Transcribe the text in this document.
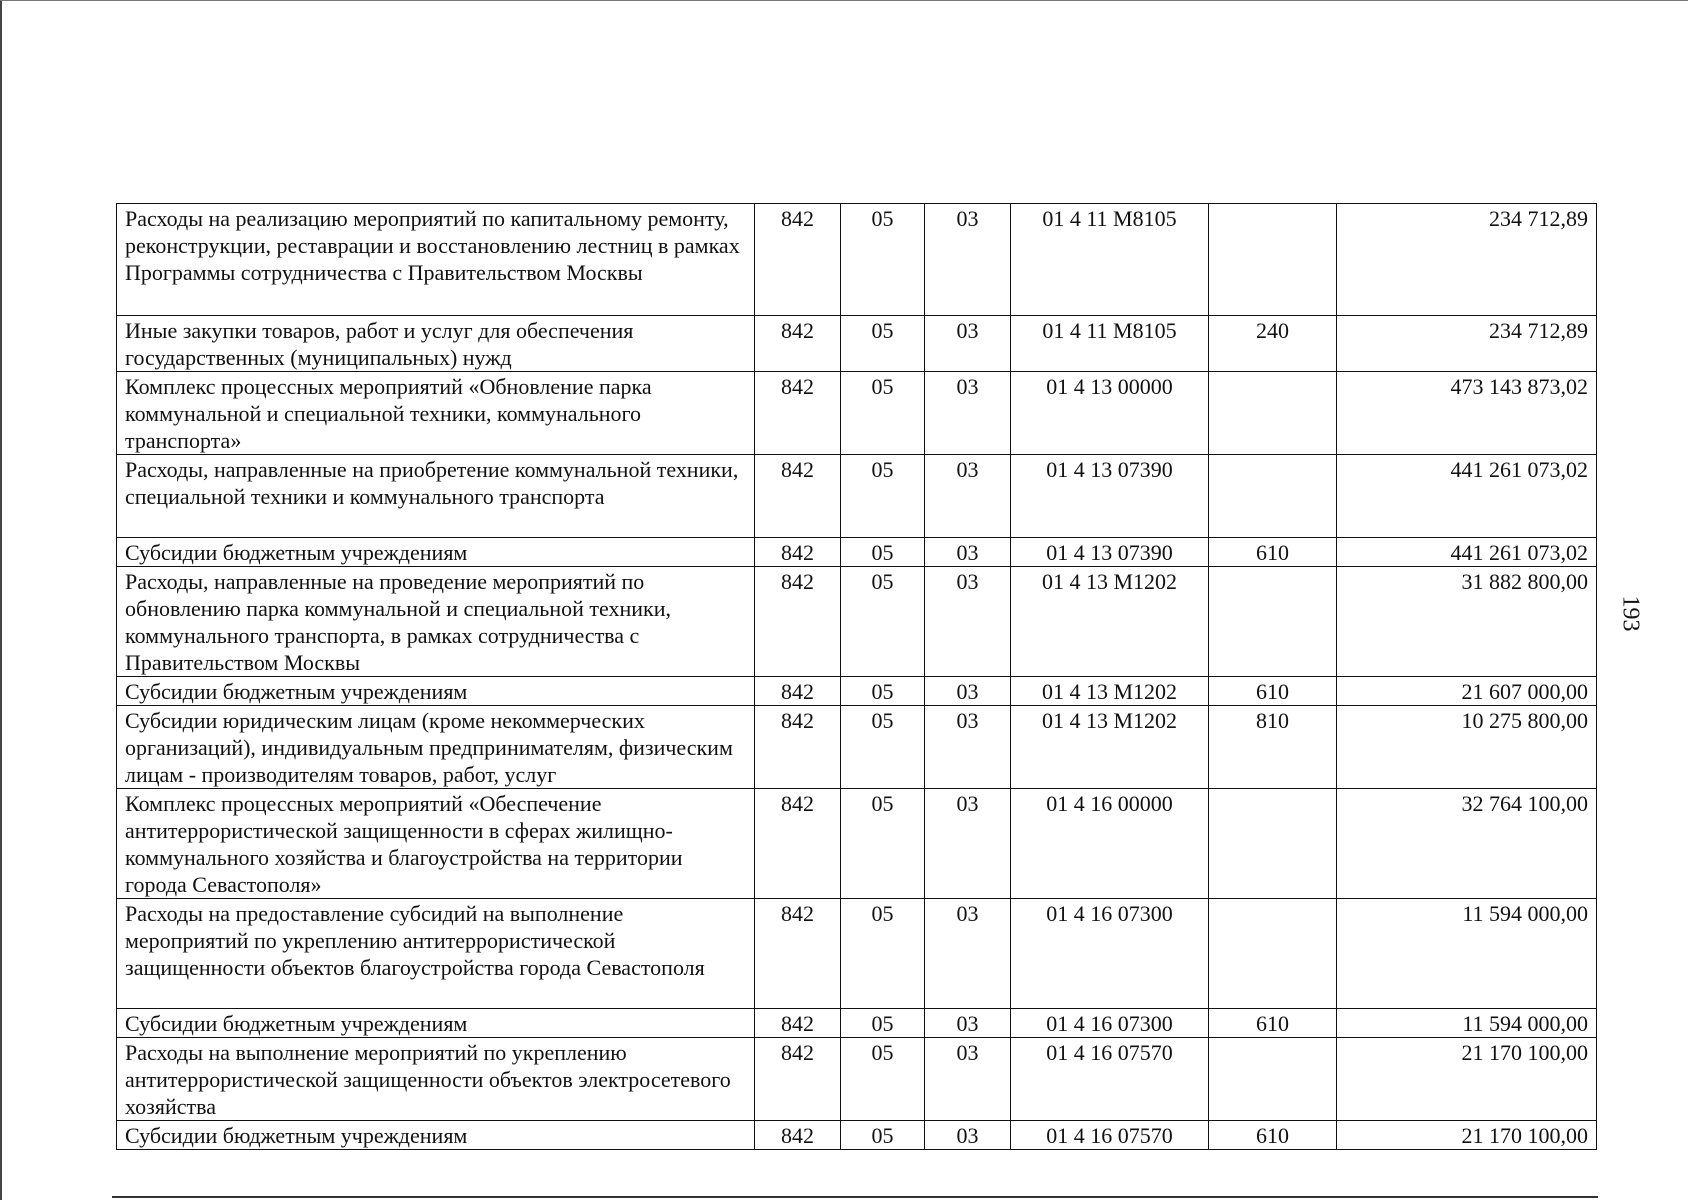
Расходы на реализацию мероприятий по капитальному ремонту, реконструкции, реставрации и восстановлению лестниц в рамках Программы сотрудничества с Правительством Москвы	842	05	03	01 4 11 М8105		234 712,89
Иные закупки товаров, работ и услуг для обеспечения государственных (муниципальных) нужд	842	05	03	01 4 11 М8105	240	234 712,89
Комплекс процессных мероприятий «Обновление парка коммунальной и специальной техники, коммунального транспорта»	842	05	03	01 4 13 00000		473 143 873,02
Расходы, направленные на приобретение коммунальной техники, специальной техники и коммунального транспорта	842	05	03	01 4 13 07390		441 261 073,02
Субсидии бюджетным учреждениям	842	05	03	01 4 13 07390	610	441 261 073,02
Расходы, направленные на проведение мероприятий по обновлению парка коммунальной и специальной техники, коммунального транспорта, в рамках сотрудничества с Правительством Москвы	842	05	03	01 4 13 М1202		31 882 800,00
Субсидии бюджетным учреждениям	842	05	03	01 4 13 М1202	610	21 607 000,00
Субсидии юридическим лицам (кроме некоммерческих организаций), индивидуальным предпринимателям, физическим лицам - производителям товаров, работ, услуг	842	05	03	01 4 13 М1202	810	10 275 800,00
Комплекс процессных мероприятий «Обеспечение антитеррористической защищенности в сферах жилищно-коммунального хозяйства и благоустройства на территории города Севастополя»	842	05	03	01 4 16 00000		32 764 100,00
Расходы на предоставление субсидий на выполнение мероприятий по укреплению антитеррористической защищенности объектов благоустройства города Севастополя	842	05	03	01 4 16 07300		11 594 000,00
Субсидии бюджетным учреждениям	842	05	03	01 4 16 07300	610	11 594 000,00
Расходы на выполнение мероприятий по укреплению антитеррористической защищенности объектов электросетевого хозяйства	842	05	03	01 4 16 07570		21 170 100,00
Субсидии бюджетным учреждениям	842	05	03	01 4 16 07570	610	21 170 100,00
193
